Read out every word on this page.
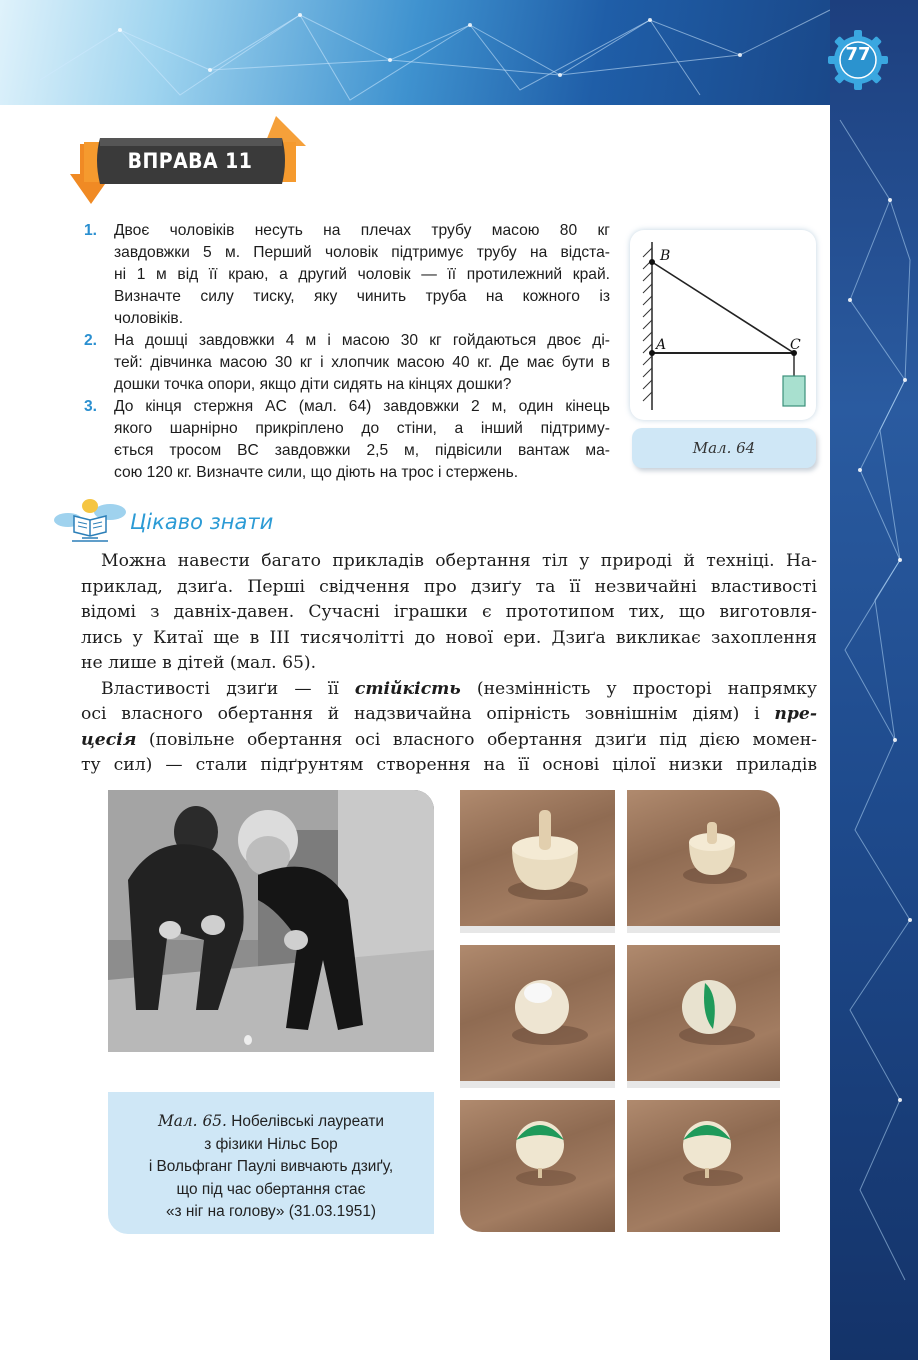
77
ВПРАВА 11
1. Двоє чоловіків несуть на плечах трубу масою 80 кг
завдовжки 5 м. Перший чоловік підтримує трубу на відста-
ні 1 м від її краю, а другий чоловік — її протилежний край.
Визначте силу тиску, яку чинить труба на кожного із
чоловіків.
2. На дошці завдовжки 4 м і масою 30 кг гойдаються двоє ді-
тей: дівчинка масою 30 кг і хлопчик масою 40 кг. Де має бути в
дошки точка опори, якщо діти сидять на кінцях дошки?
3. До кінця стержня AC (мал. 64) завдовжки 2 м, один кінець
якого шарнірно прикріплено до стіни, а інший підтриму-
ється тросом BC завдовжки 2,5 м, підвісили вантаж ма-
сою 120 кг. Визначте сили, що діють на трос і стержень.
B
A	C
Мал. 64
Цікаво знати

Можна навести багато прикладів обертання тіл у природі й техніці. На-
приклад, дзиґа. Перші свідчення про дзиґу та її незвичайні властивості
відомі з давніх-давен. Сучасні іграшки є прототипом тих, що виготовля-
лись у Китаї ще в III тисячолітті до нової ери. Дзиґа викликає захоплення
не лише в дітей (мал. 65).

Властивості дзиґи — її стійкість (незмінність у просторі напрямку
осі власного обертання й надзвичайна опірність зовнішнім діям) і пре-
цесія (повільне обертання осі власного обертання дзиґи під дією момен-
ту сил) — стали підґрунтям створення на її основі цілої низки приладів

Мал. 65. Нобелівські лауреати
з фізики Нільс Бор
і Вольфганг Паулі вивчають дзиґу,
що під час обертання стає
«з ніг на голову» (31.03.1951)
